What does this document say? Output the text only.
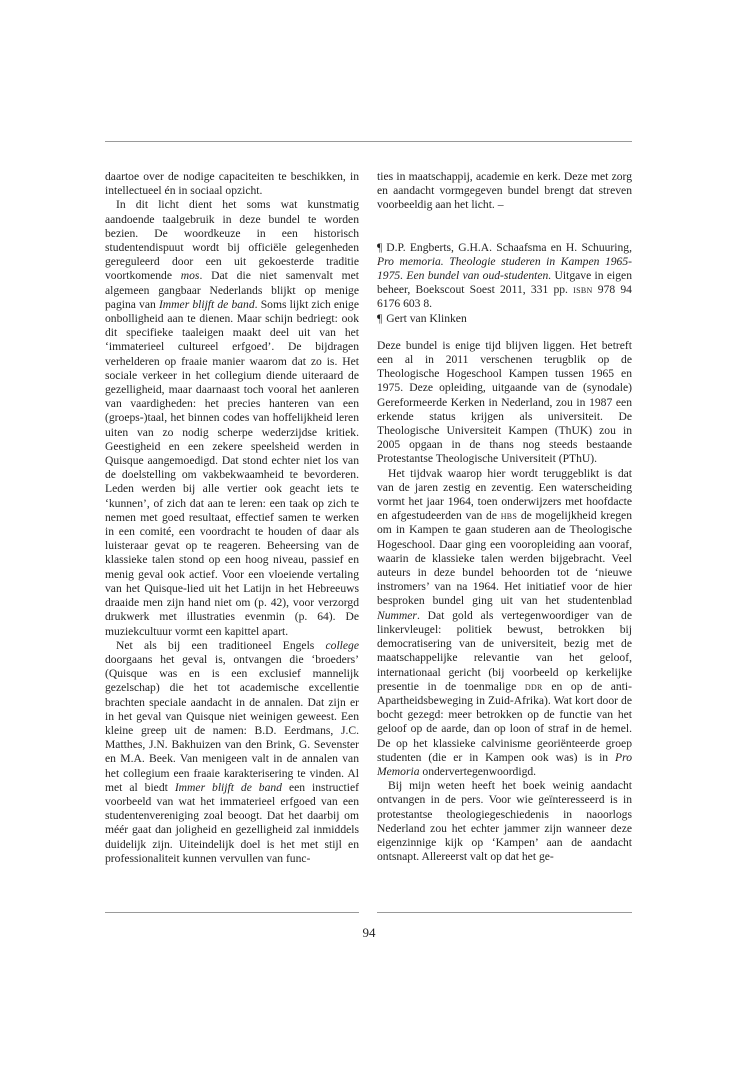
daartoe over de nodige capaciteiten te beschikken, in intellectueel én in sociaal opzicht.

In dit licht dient het soms wat kunstmatig aandoende taalgebruik in deze bundel te worden bezien. De woordkeuze in een historisch studentendispuut wordt bij officiële gelegenheden gereguleerd door een uit gekoesterde traditie voortkomende mos. Dat die niet samenvalt met algemeen gangbaar Nederlands blijkt op menige pagina van Immer blijft de band. Soms lijkt zich enige onbolligheid aan te dienen. Maar schijn bedriegt: ook dit specifieke taaleigen maakt deel uit van het ‘immaterieel cultureel erfgoed’. De bijdragen verhelderen op fraaie manier waarom dat zo is. Het sociale verkeer in het collegium diende uiteraard de gezelligheid, maar daarnaast toch vooral het aanleren van vaardigheden: het precies hanteren van een (groeps-)taal, het binnen codes van hoffelijkheid leren uiten van zo nodig scherpe wederzijdse kritiek. Geestigheid en een zekere speelsheid werden in Quisque aangemoedigd. Dat stond echter niet los van de doelstelling om vakbekwaamheid te bevorderen. Leden werden bij alle vertier ook geacht iets te ‘kunnen’, of zich dat aan te leren: een taak op zich te nemen met goed resultaat, effectief samen te werken in een comité, een voordracht te houden of daar als luisteraar gevat op te reageren. Beheersing van de klassieke talen stond op een hoog niveau, passief en menig geval ook actief. Voor een vloeiende vertaling van het Quisque-lied uit het Latijn in het Hebreeuws draaide men zijn hand niet om (p. 42), voor verzorgd drukwerk met illustraties evenmin (p. 64). De muziekcultuur vormt een kapittel apart.

Net als bij een traditioneel Engels college doorgaans het geval is, ontvangen die ‘broeders’ (Quisque was en is een exclusief mannelijk gezelschap) die het tot academische excellentie brachten speciale aandacht in de annalen. Dat zijn er in het geval van Quisque niet weinigen geweest. Een kleine greep uit de namen: B.D. Eerdmans, J.C. Matthes, J.N. Bakhuizen van den Brink, G. Sevenster en M.A. Beek. Van menigeen valt in de annalen van het collegium een fraaie karakterisering te vinden. Al met al biedt Immer blijft de band een instructief voorbeeld van wat het immaterieel erfgoed van een studentenvereniging zoal beoogt. Dat het daarbij om méér gaat dan joligheid en gezelligheid zal inmiddels duidelijk zijn. Uiteindelijk doel is het met stijl en professionaliteit kunnen vervullen van func-

ties in maatschappij, academie en kerk. Deze met zorg en aandacht vormgegeven bundel brengt dat streven voorbeeldig aan het licht. –

¶ D.P. Engberts, G.H.A. Schaafsma en H. Schuuring, Pro memoria. Theologie studeren in Kampen 1965-1975. Een bundel van oud-studenten. Uitgave in eigen beheer, Boekscout Soest 2011, 331 pp. isbn 978 94 6176 603 8.

¶ Gert van Klinken

Deze bundel is enige tijd blijven liggen. Het betreft een al in 2011 verschenen terugblik op de Theologische Hogeschool Kampen tussen 1965 en 1975. Deze opleiding, uitgaande van de (synodale) Gereformeerde Kerken in Nederland, zou in 1987 een erkende status krijgen als universiteit. De Theologische Universiteit Kampen (ThUK) zou in 2005 opgaan in de thans nog steeds bestaande Protestantse Theologische Universiteit (PThU).

Het tijdvak waarop hier wordt teruggeblikt is dat van de jaren zestig en zeventig. Een waterscheiding vormt het jaar 1964, toen onderwijzers met hoofdacte en afgestudeerden van de hbs de mogelijkheid kregen om in Kampen te gaan studeren aan de Theologische Hogeschool. Daar ging een vooropleiding aan vooraf, waarin de klassieke talen werden bijgebracht. Veel auteurs in deze bundel behoorden tot de ‘nieuwe instromers’ van na 1964. Het initiatief voor de hier besproken bundel ging uit van het studentenblad Nummer. Dat gold als vertegenwoordiger van de linkervleugel: politiek bewust, betrokken bij democratisering van de universiteit, bezig met de maatschappelijke relevantie van het geloof, internationaal gericht (bij voorbeeld op kerkelijke presentie in de toenmalige ddr en op de anti-Apartheidsbeweging in Zuid-Afrika). Wat kort door de bocht gezegd: meer betrokken op de functie van het geloof op de aarde, dan op loon of straf in de hemel. De op het klassieke calvinisme georiënteerde groep studenten (die er in Kampen ook was) is in Pro Memoria ondervertegenwoordigd.

Bij mijn weten heeft het boek weinig aandacht ontvangen in de pers. Voor wie geïnteresseerd is in protestantse theologiegeschiedenis in naoorlogs Nederland zou het echter jammer zijn wanneer deze eigenzinnige kijk op ‘Kampen’ aan de aandacht ontsnapt. Allereerst valt op dat het ge-

94
